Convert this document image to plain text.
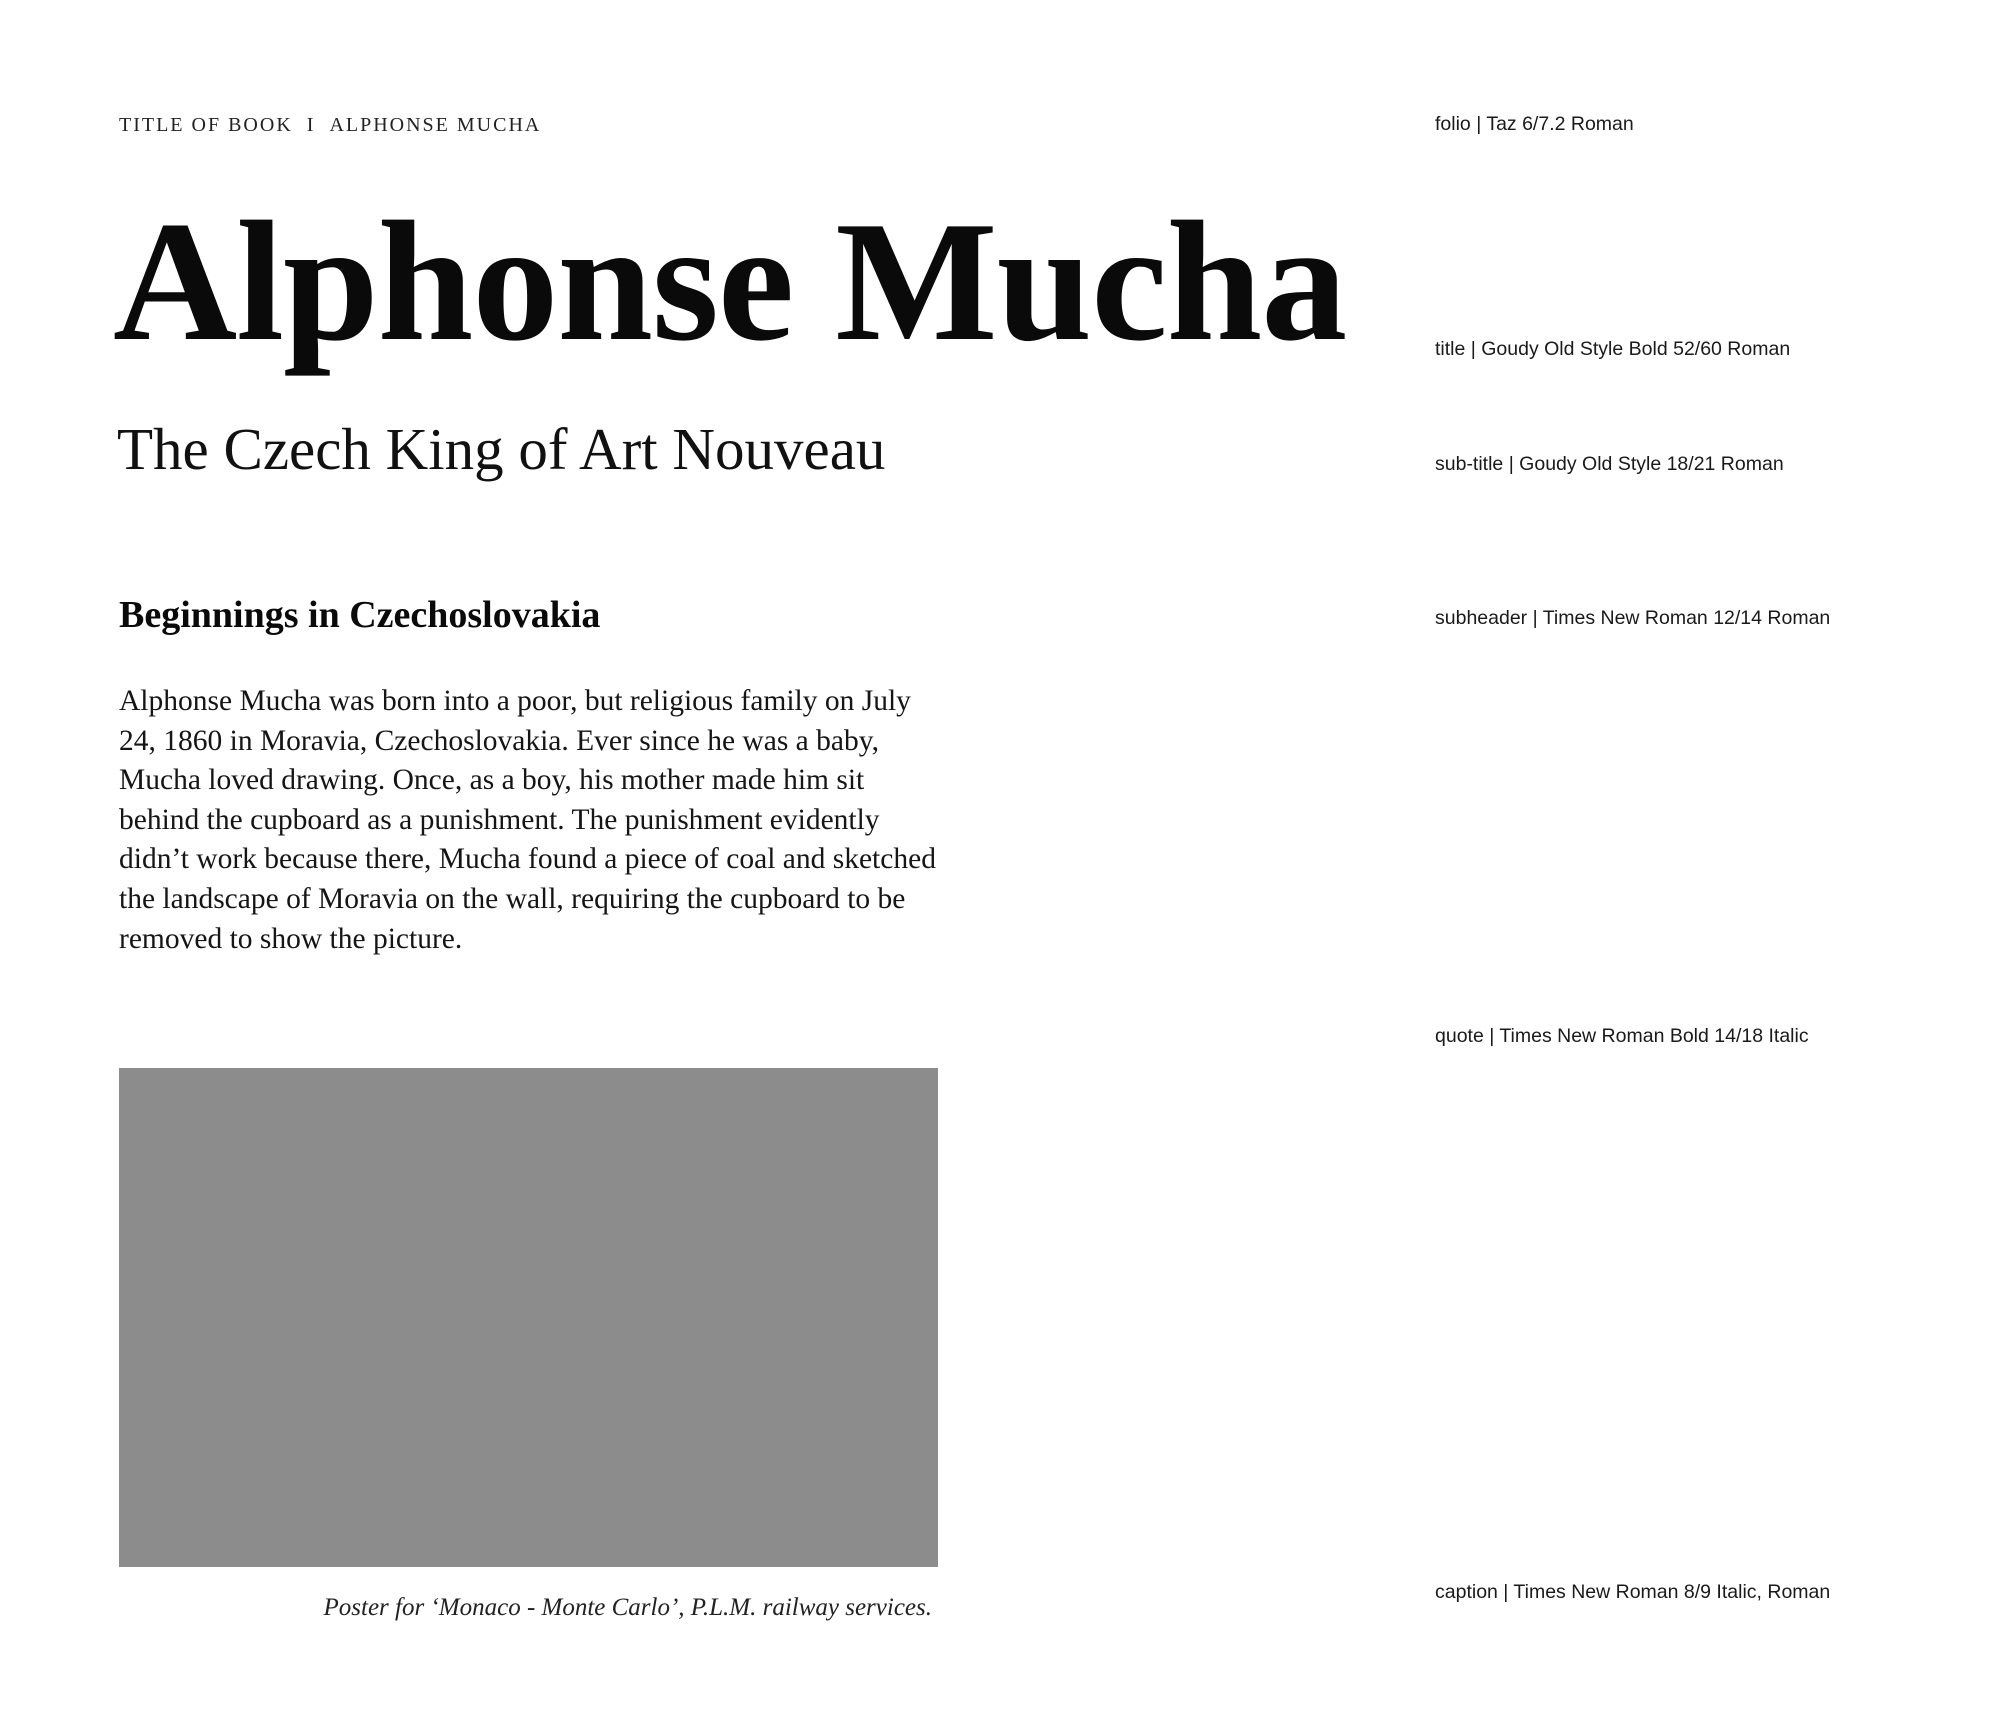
TITLE OF BOOK I ALPHONSE MUCHA
Alphonse Mucha
The Czech King of Art Nouveau
Beginnings in Czechoslovakia
Alphonse Mucha was born into a poor, but religious family on July
24, 1860 in Moravia, Czechoslovakia. Ever since he was a baby,
Mucha loved drawing. Once, as a boy, his mother made him sit
behind the cupboard as a punishment. The punishment evidently
didn’t work because there, Mucha found a piece of coal and sketched
the landscape of Moravia on the wall, requiring the cupboard to be
removed to show the picture.
Poster for ‘Monaco - Monte Carlo’, P.L.M. railway services.
folio | Taz 6/7.2 Roman
title | Goudy Old Style Bold 52/60 Roman
sub-title | Goudy Old Style 18/21 Roman
subheader | Times New Roman 12/14 Roman
quote | Times New Roman Bold 14/18 Italic
caption | Times New Roman 8/9 Italic, Roman
